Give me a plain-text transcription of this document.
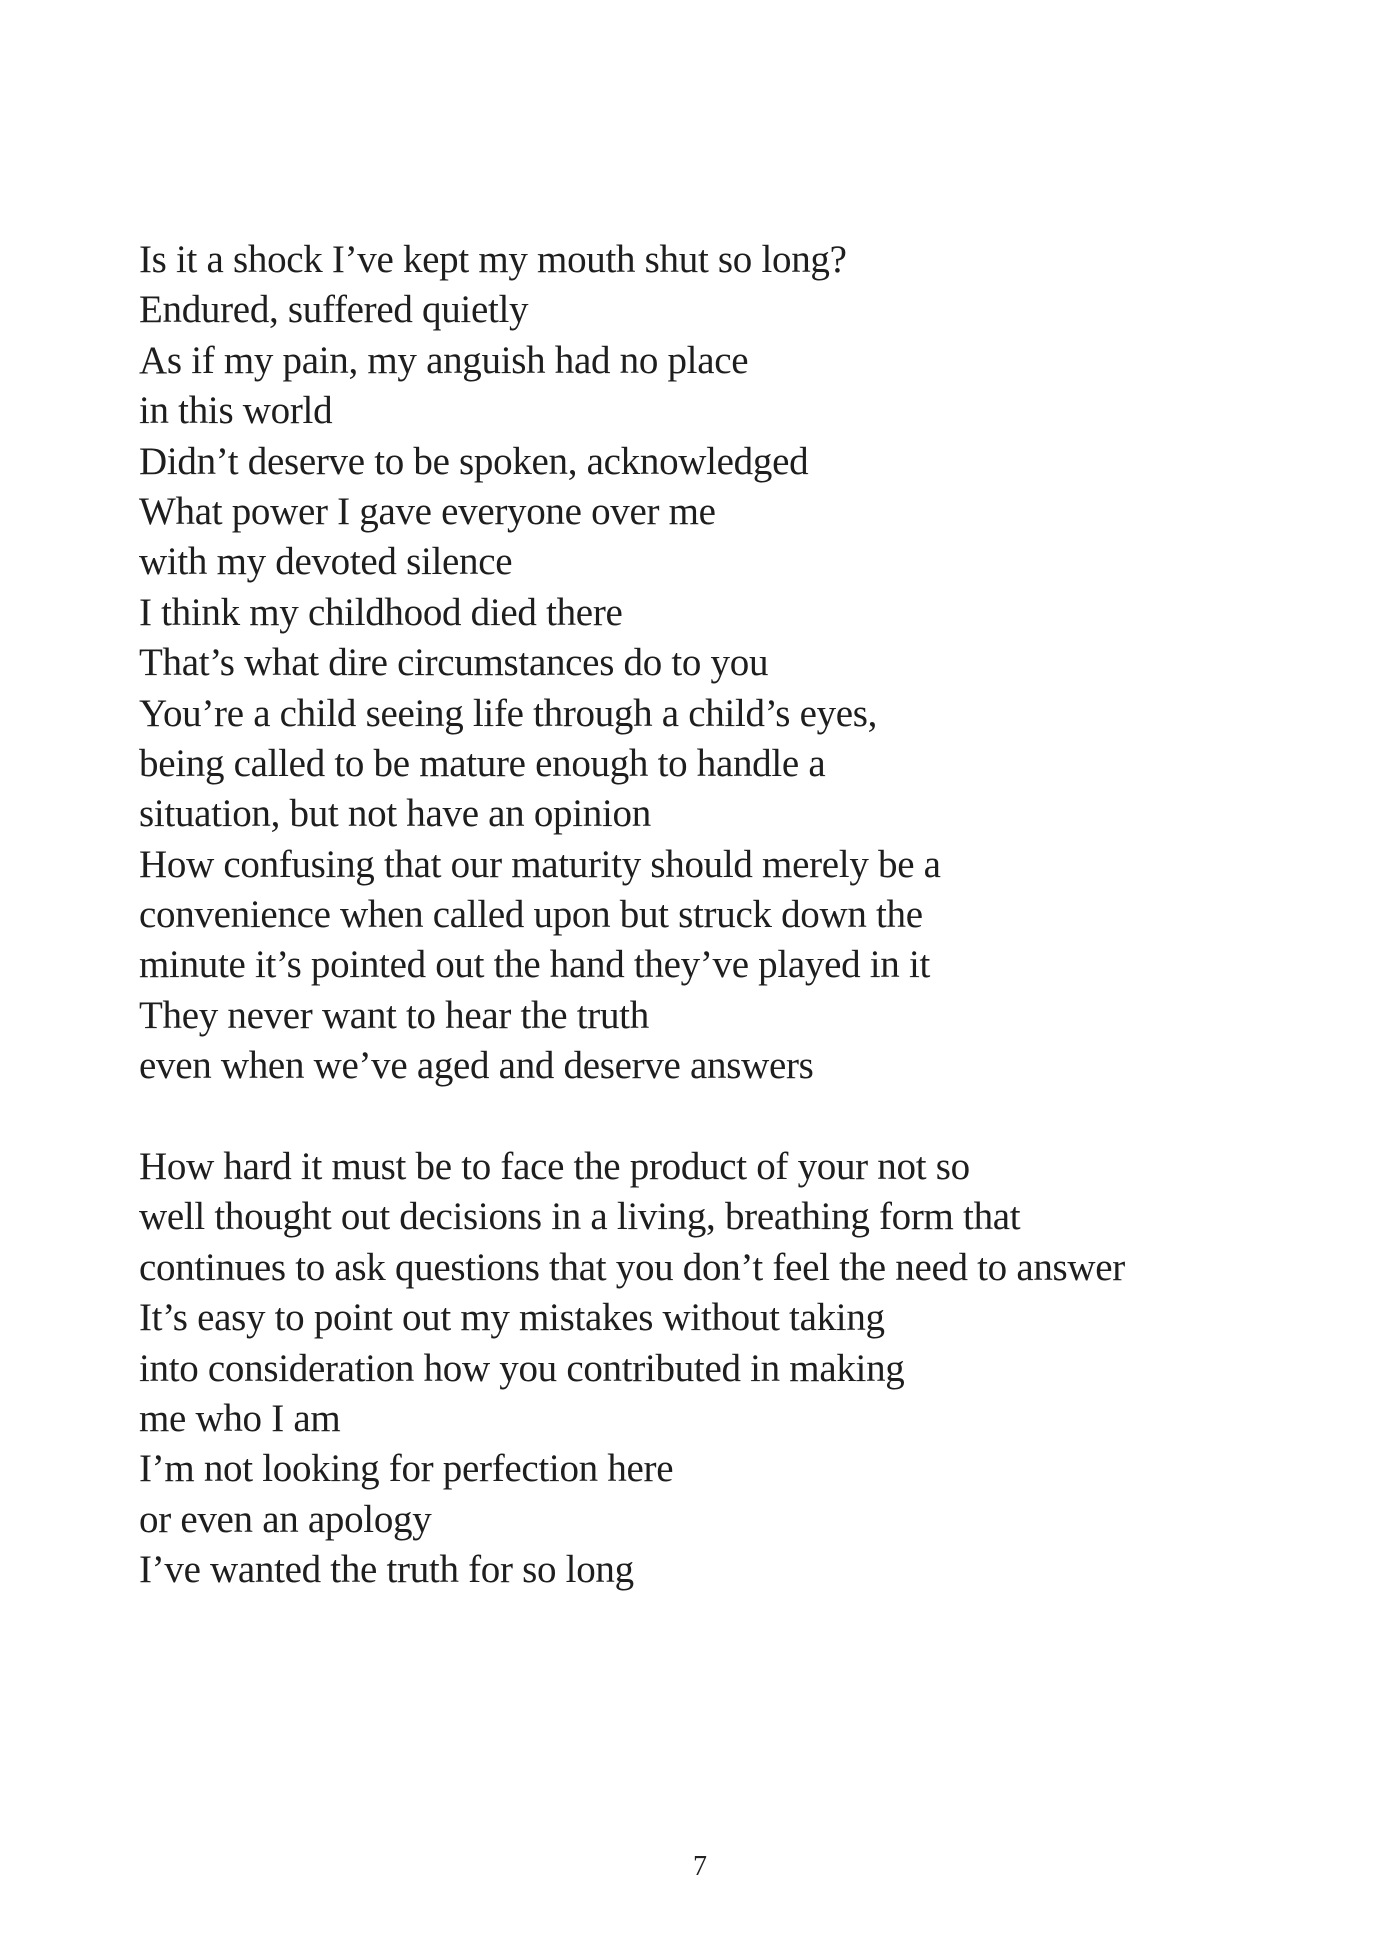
Is it a shock I’ve kept my mouth shut so long?
Endured, suffered quietly
As if my pain, my anguish had no place
in this world
Didn’t deserve to be spoken, acknowledged
What power I gave everyone over me
with my devoted silence
I think my childhood died there
That’s what dire circumstances do to you
You’re a child seeing life through a child’s eyes,
being called to be mature enough to handle a
situation, but not have an opinion
How confusing that our maturity should merely be a
convenience when called upon but struck down the
minute it’s pointed out the hand they’ve played in it
They never want to hear the truth
even when we’ve aged and deserve answers
How hard it must be to face the product of your not so
well thought out decisions in a living, breathing form that
continues to ask questions that you don’t feel the need to answer
It’s easy to point out my mistakes without taking
into consideration how you contributed in making
me who I am
I’m not looking for perfection here
or even an apology
I’ve wanted the truth for so long
7
